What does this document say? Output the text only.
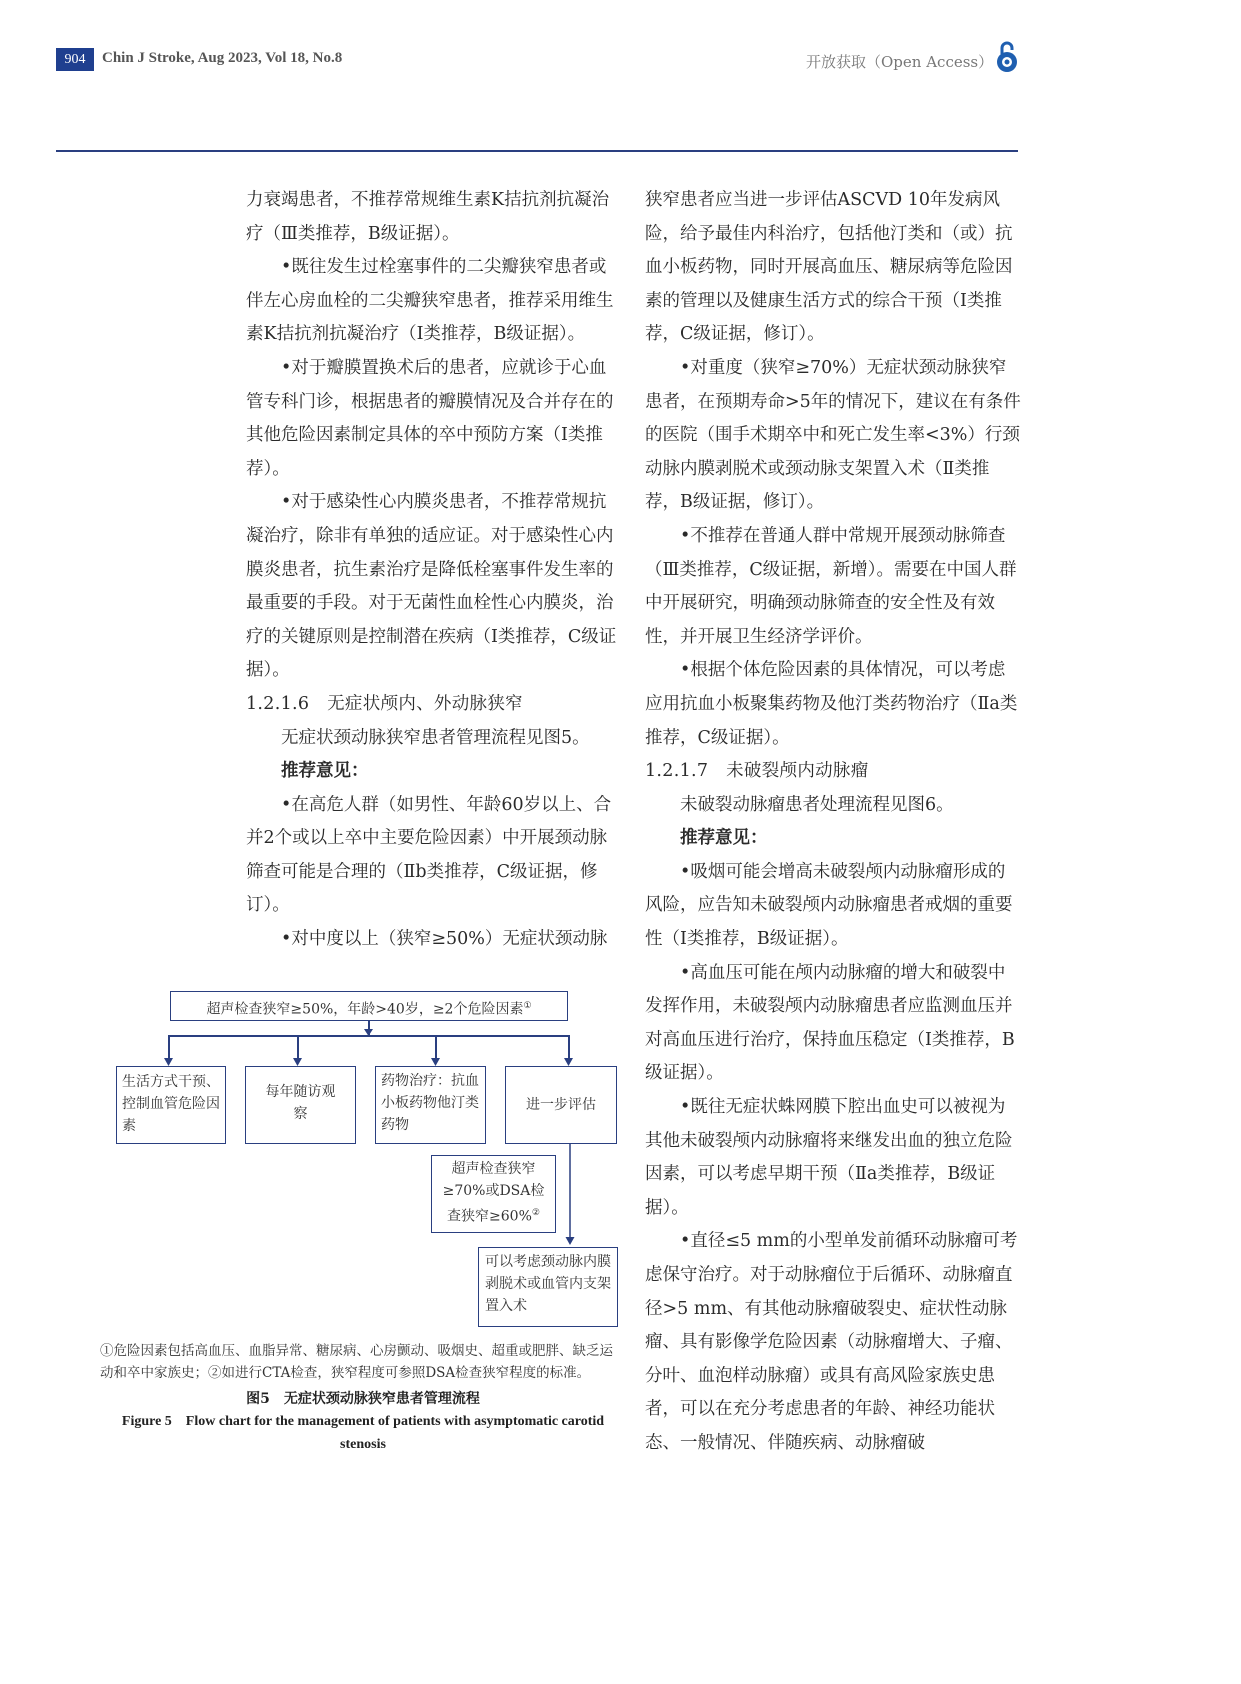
904	Chin J Stroke, Aug 2023, Vol 18, No.8	开放获取（Open Access）

力衰竭患者，不推荐常规维生素K拮抗剂抗凝治疗（Ⅲ类推荐，B级证据）。

•既往发生过栓塞事件的二尖瓣狭窄患者或伴左心房血栓的二尖瓣狭窄患者，推荐采用维生素K拮抗剂抗凝治疗（Ⅰ类推荐，B级证据）。

•对于瓣膜置换术后的患者，应就诊于心血管专科门诊，根据患者的瓣膜情况及合并存在的其他危险因素制定具体的卒中预防方案（Ⅰ类推荐）。

•对于感染性心内膜炎患者，不推荐常规抗凝治疗，除非有单独的适应证。对于感染性心内膜炎患者，抗生素治疗是降低栓塞事件发生率的最重要的手段。对于无菌性血栓性心内膜炎，治疗的关键原则是控制潜在疾病（Ⅰ类推荐，C级证据）。

1.2.1.6　无症状颅内、外动脉狭窄

无症状颈动脉狭窄患者管理流程见图5。

推荐意见：

•在高危人群（如男性、年龄60岁以上、合并2个或以上卒中主要危险因素）中开展颈动脉筛查可能是合理的（Ⅱb类推荐，C级证据，修订）。

•对中度以上（狭窄≥50%）无症状颈动脉

狭窄患者应当进一步评估ASCVD 10年发病风险，给予最佳内科治疗，包括他汀类和（或）抗血小板药物，同时开展高血压、糖尿病等危险因素的管理以及健康生活方式的综合干预（Ⅰ类推荐，C级证据，修订）。

•对重度（狭窄≥70%）无症状颈动脉狭窄患者，在预期寿命>5年的情况下，建议在有条件的医院（围手术期卒中和死亡发生率<3%）行颈动脉内膜剥脱术或颈动脉支架置入术（Ⅱ类推荐，B级证据，修订）。

•不推荐在普通人群中常规开展颈动脉筛查（Ⅲ类推荐，C级证据，新增）。需要在中国人群中开展研究，明确颈动脉筛查的安全性及有效性，并开展卫生经济学评价。

•根据个体危险因素的具体情况，可以考虑应用抗血小板聚集药物及他汀类药物治疗（Ⅱa类推荐，C级证据）。

1.2.1.7　未破裂颅内动脉瘤

未破裂动脉瘤患者处理流程见图6。

推荐意见：

•吸烟可能会增高未破裂颅内动脉瘤形成的风险，应告知未破裂颅内动脉瘤患者戒烟的重要性（Ⅰ类推荐，B级证据）。

•高血压可能在颅内动脉瘤的增大和破裂中发挥作用，未破裂颅内动脉瘤患者应监测血压并对高血压进行治疗，保持血压稳定（Ⅰ类推荐，B级证据）。

•既往无症状蛛网膜下腔出血史可以被视为其他未破裂颅内动脉瘤将来继发出血的独立危险因素，可以考虑早期干预（Ⅱa类推荐，B级证据）。

•直径≤5 mm的小型单发前循环动脉瘤可考虑保守治疗。对于动脉瘤位于后循环、动脉瘤直径>5 mm、有其他动脉瘤破裂史、症状性动脉瘤、具有影像学危险因素（动脉瘤增大、子瘤、分叶、血泡样动脉瘤）或具有高风险家族史患者，可以在充分考虑患者的年龄、神经功能状态、一般情况、伴随疾病、动脉瘤破

超声检查狭窄≥50%，年龄>40岁，≥2个危险因素①
生活方式干预、控制血管危险因素
每年随访观察
药物治疗：抗血小板药物他汀类药物
进一步评估
超声检查狭窄≥70%或DSA检查狭窄≥60%②
可以考虑颈动脉内膜剥脱术或血管内支架置入术
①危险因素包括高血压、血脂异常、糖尿病、心房颤动、吸烟史、超重或肥胖、缺乏运动和卒中家族史；②如进行CTA检查，狭窄程度可参照DSA检查狭窄程度的标准。
图5　无症状颈动脉狭窄患者管理流程
Figure 5　Flow chart for the management of patients with asymptomatic carotid stenosis
